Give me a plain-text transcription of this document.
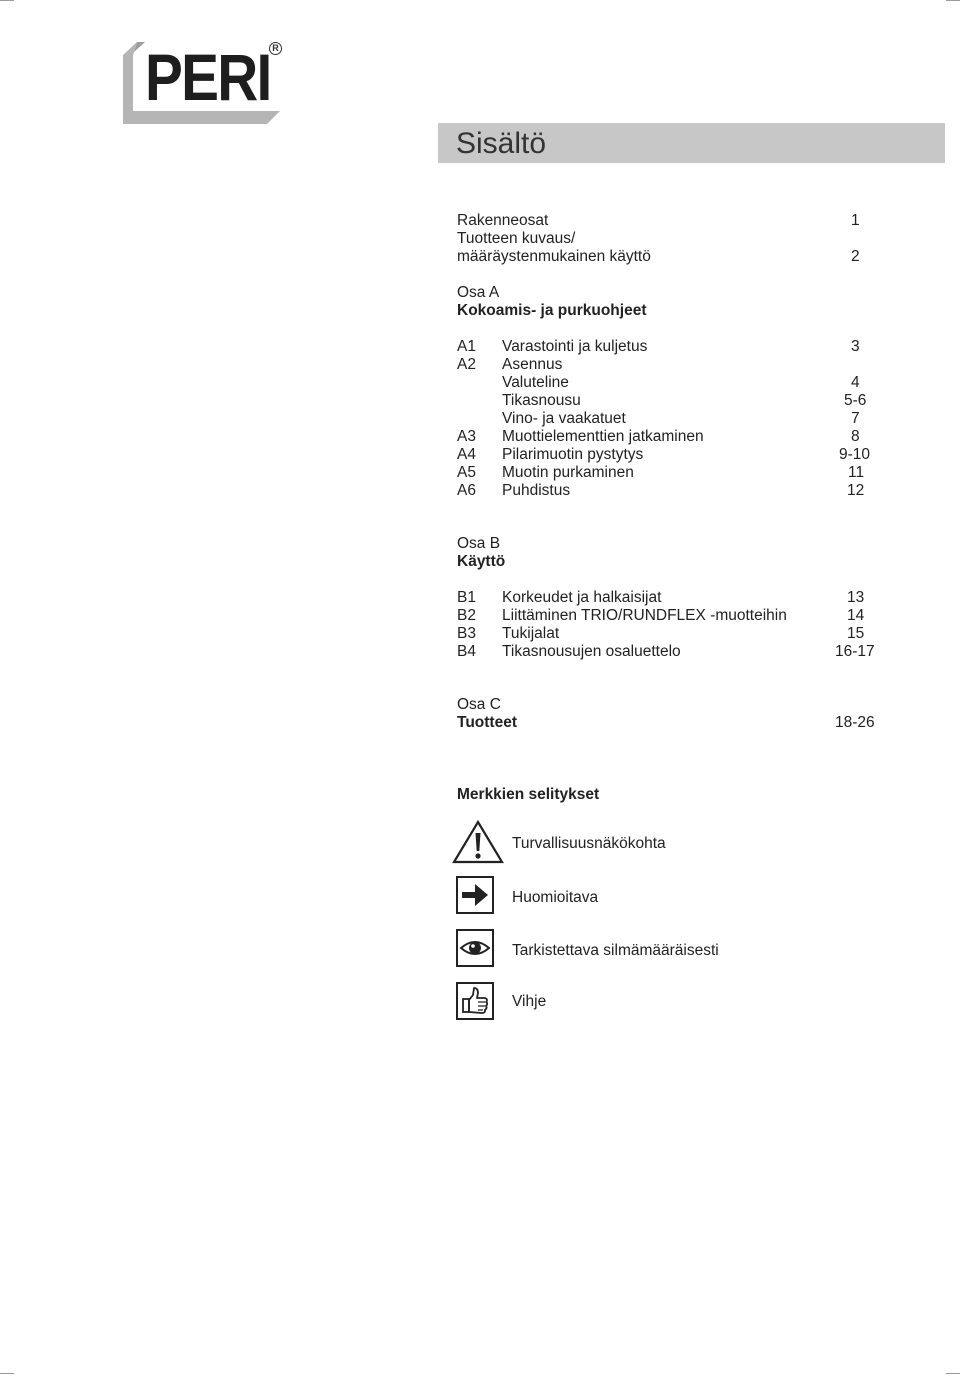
PERI R
Sisältö
Rakenneosat	1
Tuotteen kuvaus/
määräystenmukainen käyttö	2
Osa A
Kokoamis- ja purkuohjeet
A1 Varastointi ja kuljetus	3
A2 Asennus
Valuteline	4
Tikasnousu	5-6
Vino- ja vaakatuet	7
A3 Muottielementtien jatkaminen	8
A4 Pilarimuotin pystytys	9-10
A5 Muotin purkaminen	11
A6 Puhdistus	12
Osa B
Käyttö
B1 Korkeudet ja halkaisijat	13
B2 Liittäminen TRIO/RUNDFLEX -muotteihin	14
B3 Tukijalat	15
B4 Tikasnousujen osaluettelo	16-17
Osa C
Tuotteet	18-26
Merkkien selitykset
Turvallisuusnäkökohta
Huomioitava
Tarkistettava silmämääräisesti
Vihje
